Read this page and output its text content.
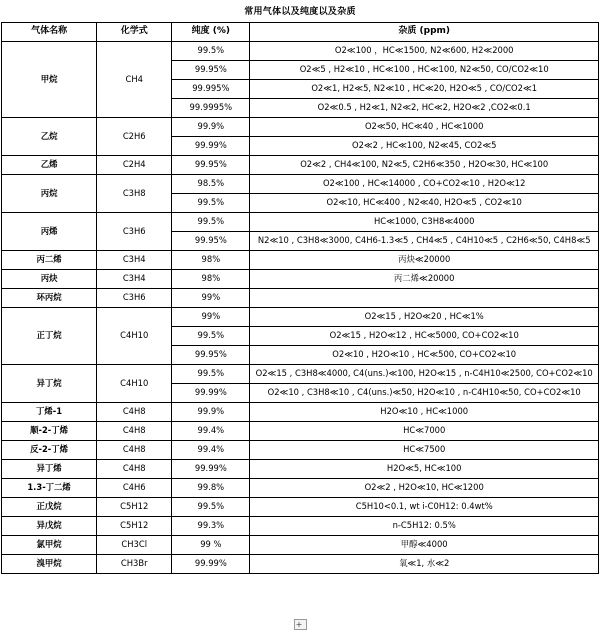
常用气体以及纯度以及杂质
气体名称	化学式	纯度 (%)	杂质 (ppm)
甲烷	CH4	99.5%	O2≪100 ，HC≪1500, N2≪600, H2≪2000
		99.95%	O2≪5 , H2≪10 , HC≪100 , HC≪100, N2≪50, CO/CO2≪10
		99.995%	O2≪1, H2≪5, N2≪10 , HC≪20, H2O≪5 , CO/CO2≪1
		99.9995%	O2≪0.5 , H2≪1, N2≪2, HC≪2, H2O≪2 ,CO2≪0.1
乙烷	C2H6	99.9%	O2≪50, HC≪40 , HC≪1000
		99.99%	O2≪2 , HC≪100, N2≪45, CO2≪5
乙烯	C2H4	99.95%	O2≪2 , CH4≪100, N2≪5, C2H6≪350 , H2O≪30, HC≪100
丙烷	C3H8	98.5%	O2≪100 , HC≪14000 , CO+CO2≪10 , H2O≪12
		99.5%	O2≪10, HC≪400 , N2≪40, H2O≪5 , CO2≪10
丙烯	C3H6	99.5%	HC≪1000, C3H8≪4000
		99.95%	N2≪10 , C3H8≪3000, C4H6-1.3≪5 , CH4≪5 , C4H10≪5 , C2H6≪50, C4H8≪5
丙二烯	C3H4	98%	丙炔≪20000
丙炔	C3H4	98%	丙二烯≪20000
环丙烷	C3H6	99%	
正丁烷	C4H10	99%	O2≪15 , H2O≪20 , HC≪1%
		99.5%	O2≪15 , H2O≪12 , HC≪5000, CO+CO2≪10
		99.95%	O2≪10 , H2O≪10 , HC≪500, CO+CO2≪10
异丁烷	C4H10	99.5%	O2≪15 , C3H8≪4000, C4(uns.)≪100, H2O≪15 , n-C4H10≪2500, CO+CO2≪10
		99.99%	O2≪10 , C3H8≪10 , C4(uns.)≪50, H2O≪10 , n-C4H10≪50, CO+CO2≪10
丁烯-1	C4H8	99.9%	H2O≪10 , HC≪1000
顺-2-丁烯	C4H8	99.4%	HC≪7000
反-2-丁烯	C4H8	99.4%	HC≪7500
异丁烯	C4H8	99.99%	H2O≪5, HC≪100
1.3-丁二烯	C4H6	99.8%	O2≪2 , H2O≪10, HC≪1200
正戊烷	C5H12	99.5%	C5H10<0.1, wt i-C0H12: 0.4wt%
异戊烷	C5H12	99.3%	n-C5H12: 0.5%
氯甲烷	CH3Cl	99 %	甲醇≪4000
溴甲烷	CH3Br	99.99%	氧≪1, 水≪2
+
